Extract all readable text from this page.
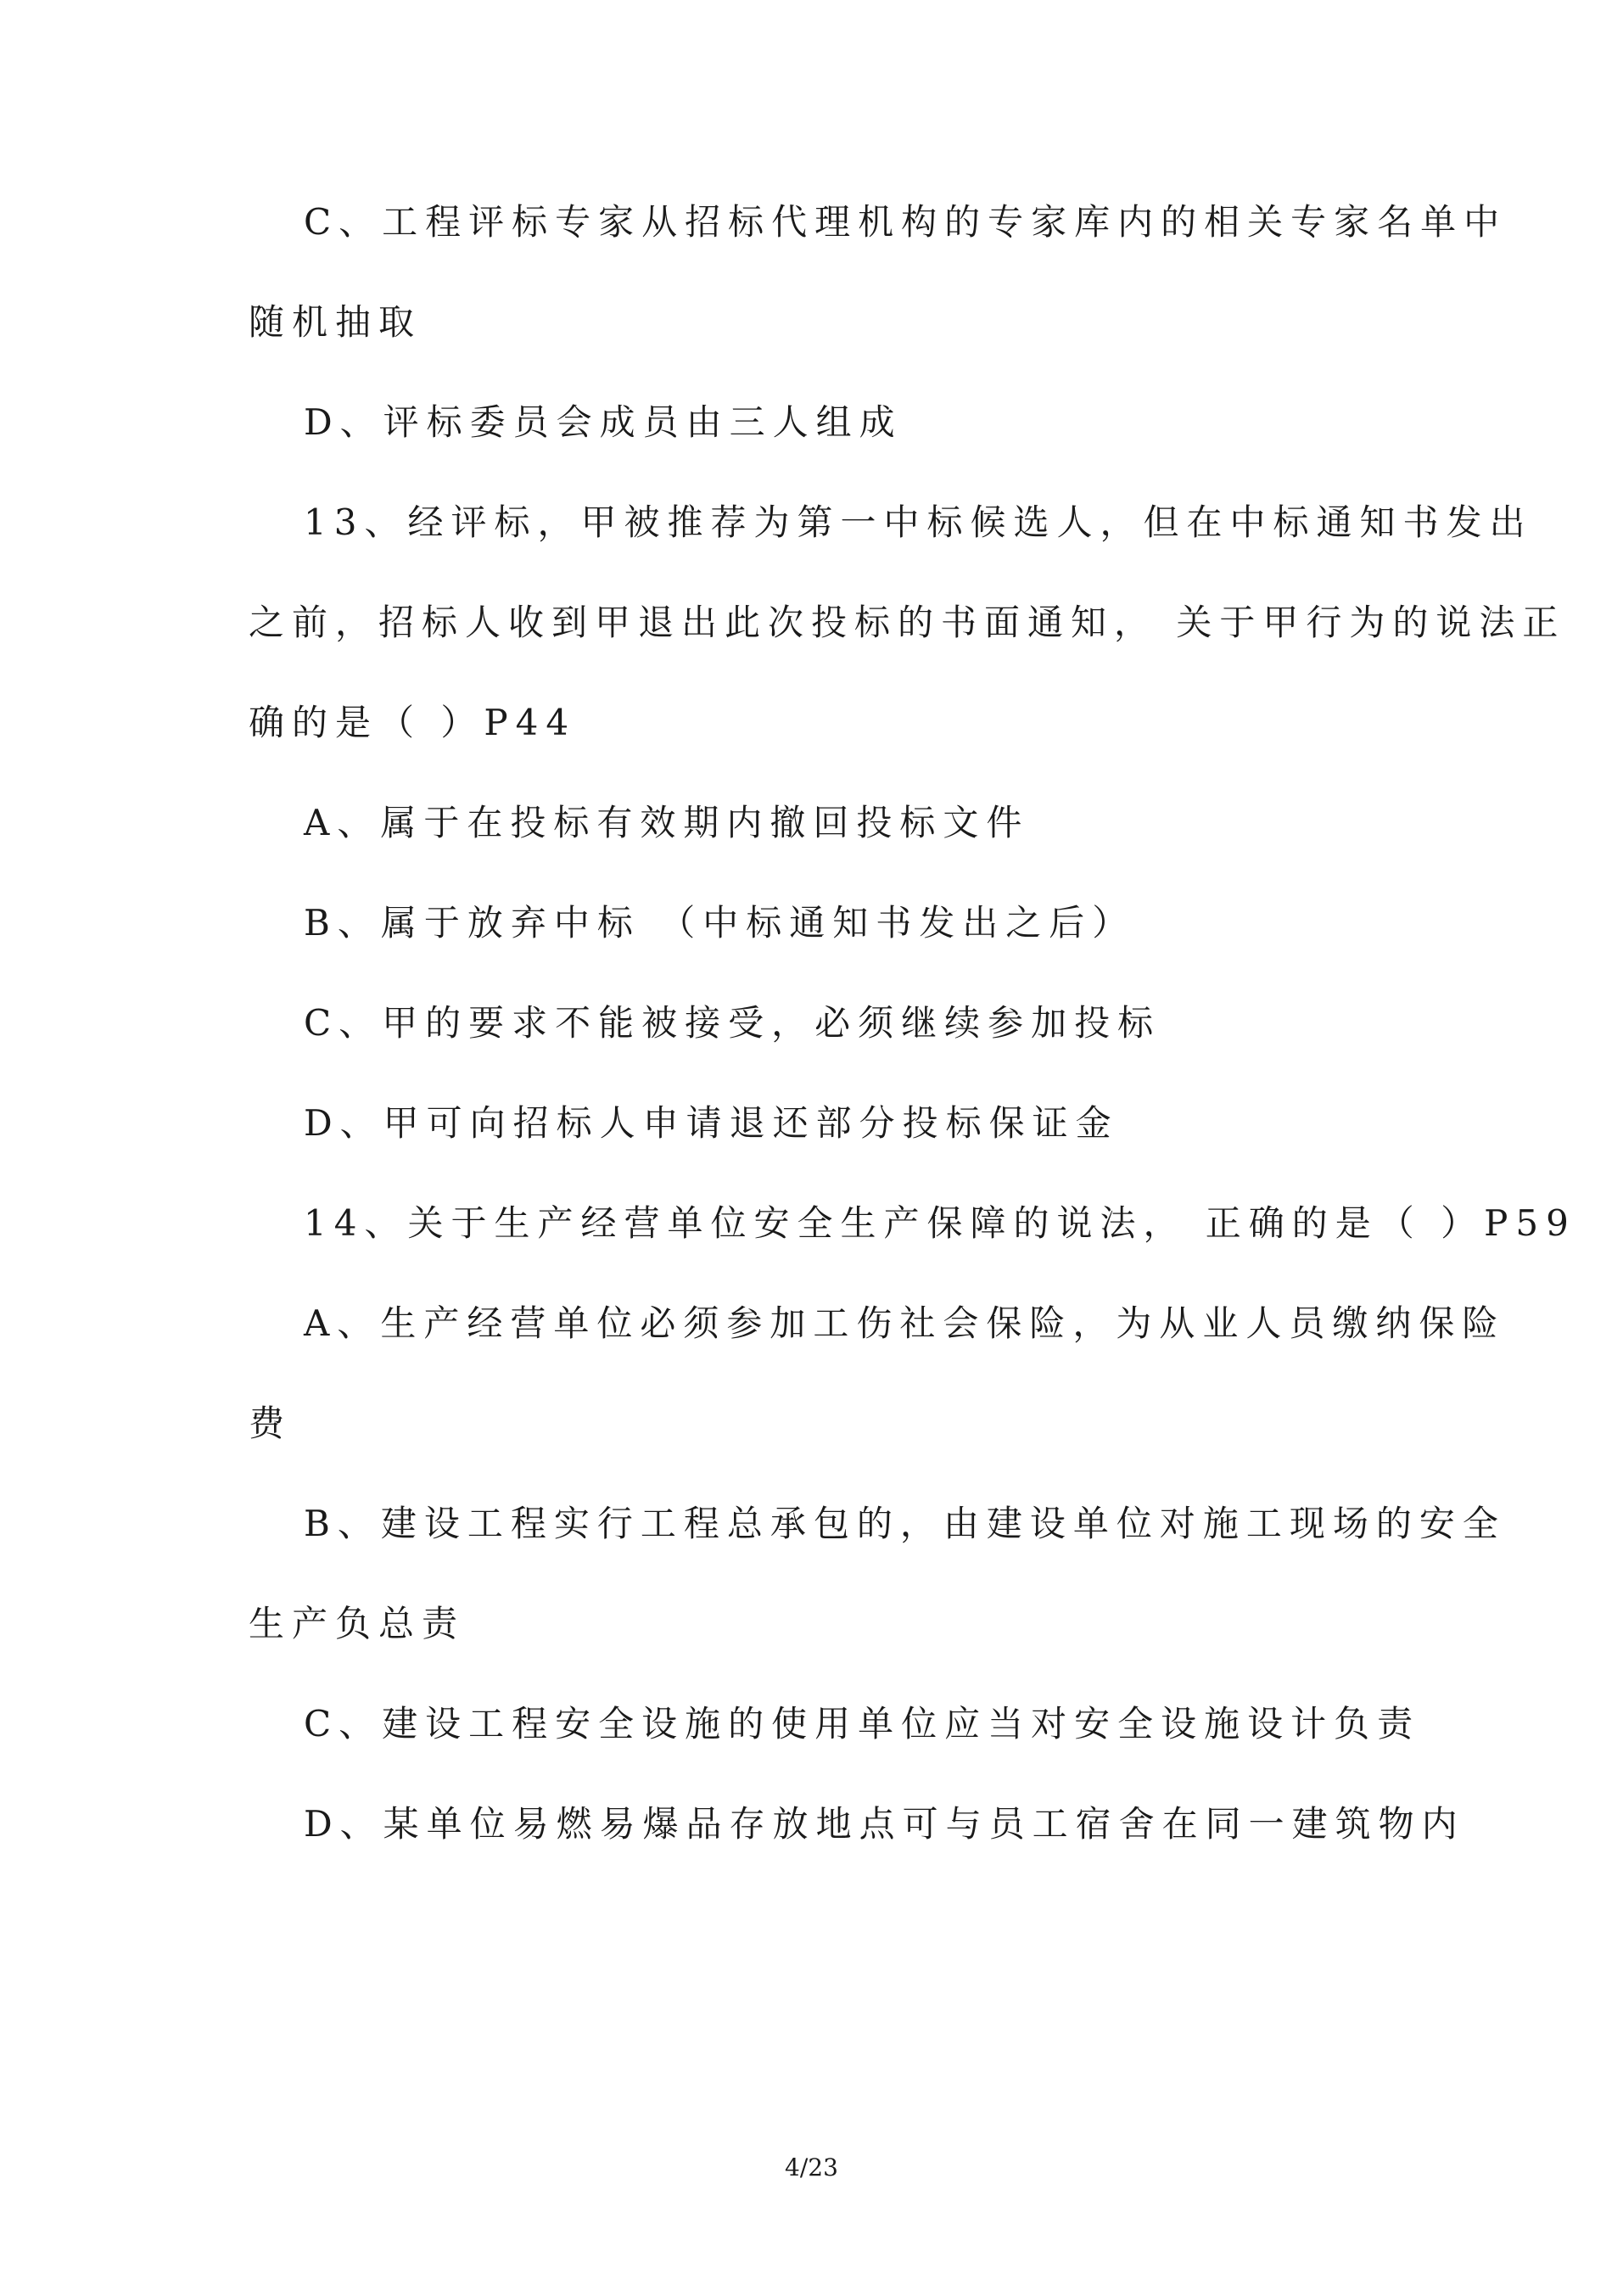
C、工程评标专家从招标代理机构的专家库内的相关专家名单中
随机抽取
D、评标委员会成员由三人组成
13、经评标，甲被推荐为第一中标候选人，但在中标通知书发出
之前，招标人收到甲退出此次投标的书面通知， 关于甲行为的说法正
确的是（ ）P44
A、属于在投标有效期内撤回投标文件
B、属于放弃中标 （中标通知书发出之后）
C、甲的要求不能被接受，必须继续参加投标
D、甲可向招标人申请退还部分投标保证金
14、关于生产经营单位安全生产保障的说法， 正确的是（ ）P59
A、生产经营单位必须参加工伤社会保险，为从业人员缴纳保险
费
B、建设工程实行工程总承包的，由建设单位对施工现场的安全
生产负总责
C、建设工程安全设施的使用单位应当对安全设施设计负责
D、某单位易燃易爆品存放地点可与员工宿舍在同一建筑物内
4/23
